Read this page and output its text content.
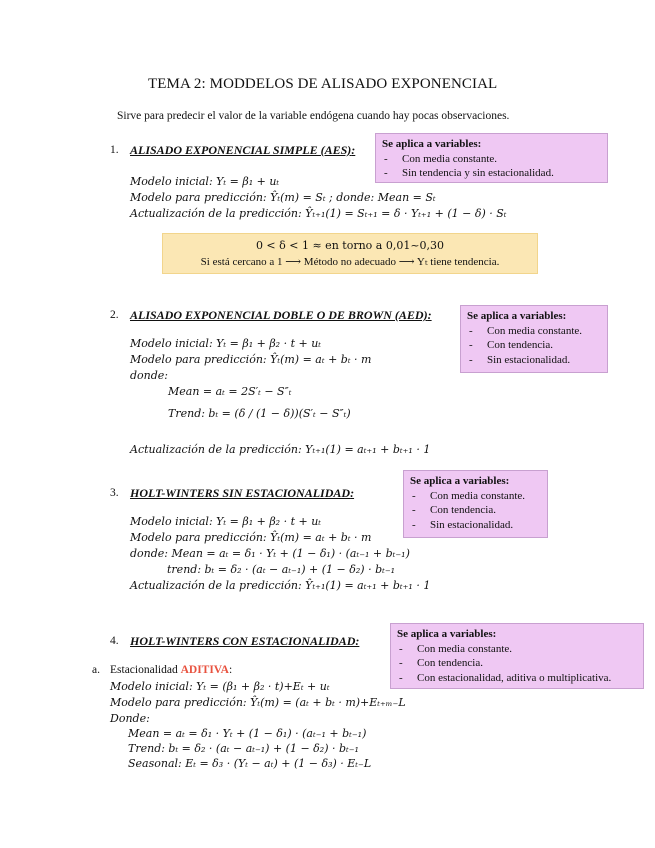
TEMA 2: MODDELOS DE ALISADO EXPONENCIAL
Sirve para predecir el valor de la variable endógena cuando hay pocas observaciones.
1. ALISADO EXPONENCIAL SIMPLE (AES): Se aplica a variables:
- Con media constante.
- Sin tendencia y sin estacionalidad.
Modelo inicial: Yₜ = β₁ + uₜ
Modelo para predicción: Ŷₜ(m) = Sₜ ; donde: Mean = Sₜ
Actualización de la predicción: Ŷₜ₊₁(1) = Sₜ₊₁ = δ · Yₜ₊₁ + (1 − δ) · Sₜ
0 < δ < 1 ≈ en torno a 0,01~0,30
Si está cercano a 1 ⟶ Método no adecuado ⟶ Yₜ tiene tendencia.
2. ALISADO EXPONENCIAL DOBLE O DE BROWN (AED):	Se aplica a variables:
- Con media constante.
- Con tendencia.
- Sin estacionalidad.
Modelo inicial: Yₜ = β₁ + β₂ · t + uₜ
Modelo para predicción: Ŷₜ(m) = aₜ + bₜ · m
donde:
Mean = aₜ = 2S′ₜ − S″ₜ
Trend: bₜ = (δ / (1 − δ))(S′ₜ − S″ₜ)
Actualización de la predicción: Yₜ₊₁(1) = aₜ₊₁ + bₜ₊₁ · 1
3. HOLT-WINTERS SIN ESTACIONALIDAD:
Se aplica a variables:
- Con media constante.
- Con tendencia.
- Sin estacionalidad.
Modelo inicial: Yₜ = β₁ + β₂ · t + uₜ
Modelo para predicción: Ŷₜ(m) = aₜ + bₜ · m
donde: Mean = aₜ = δ₁ · Yₜ + (1 − δ₁) · (aₜ₋₁ + bₜ₋₁)
trend: bₜ = δ₂ · (aₜ − aₜ₋₁) + (1 − δ₂) · bₜ₋₁
Actualización de la predicción: Ŷₜ₊₁(1) = aₜ₊₁ + bₜ₊₁ · 1
4. HOLT-WINTERS CON ESTACIONALIDAD:	Se aplica a variables:
- Con media constante.
- Con tendencia.
- Con estacionalidad, aditiva o multiplicativa.
a. Estacionalidad ADITIVA:
Modelo inicial: Yₜ = (β₁ + β₂ · t)+Eₜ + uₜ
Modelo para predicción: Ŷₜ(m) = (aₜ + bₜ · m)+Eₜ₊ₘ₋L
Donde:
Mean = aₜ = δ₁ · Yₜ + (1 − δ₁) · (aₜ₋₁ + bₜ₋₁)
Trend: bₜ = δ₂ · (aₜ − aₜ₋₁) + (1 − δ₂) · bₜ₋₁
Seasonal: Eₜ = δ₃ · (Yₜ − aₜ) + (1 − δ₃) · Eₜ₋L
